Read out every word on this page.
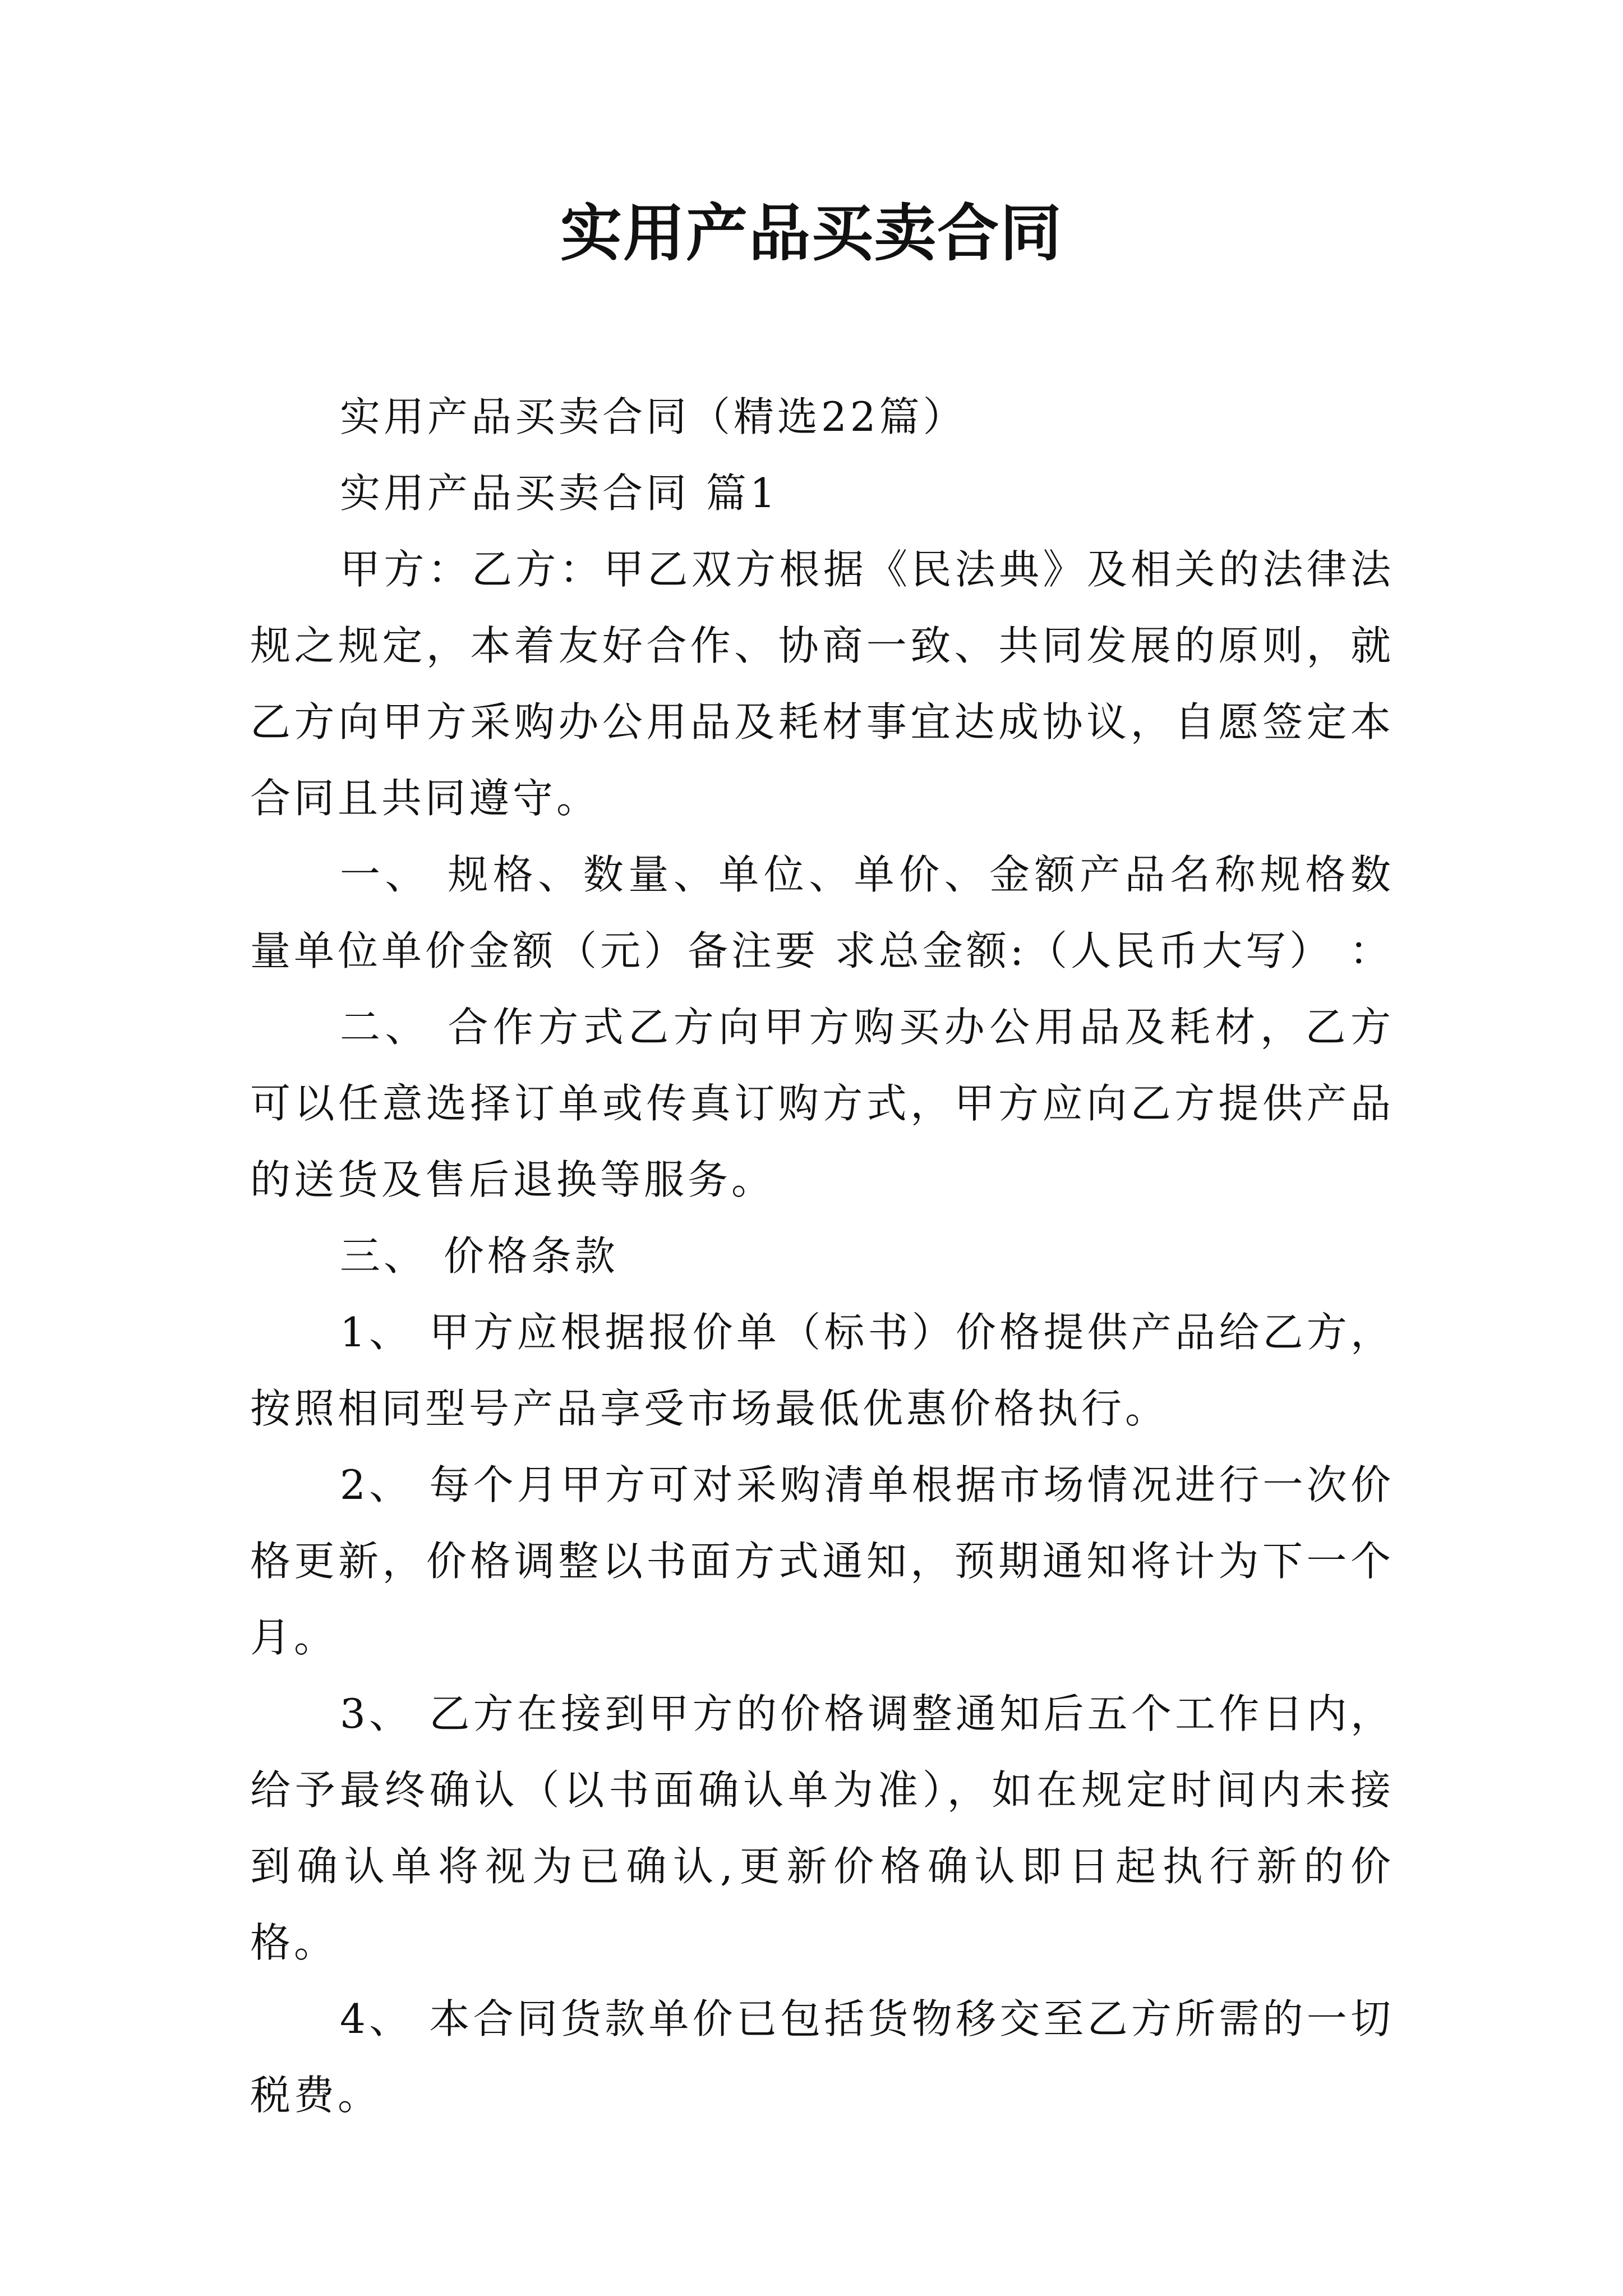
实用产品买卖合同

实用产品买卖合同（精选22篇）

实用产品买卖合同 篇1

甲方：乙方：甲乙双方根据《民法典》及相关的法律法规之规定，本着友好合作、协商一致、共同发展的原则，就乙方向甲方采购办公用品及耗材事宜达成协议，自愿签定本合同且共同遵守。

一、 规格、数量、单位、单价、金额产品名称规格数量单位单价金额（元）备注要 求总金额:（人民币大写） ：

二、 合作方式乙方向甲方购买办公用品及耗材，乙方可以任意选择订单或传真订购方式，甲方应向乙方提供产品的送货及售后退换等服务。

三、 价格条款

1、 甲方应根据报价单（标书）价格提供产品给乙方，按照相同型号产品享受市场最低优惠价格执行。

2、 每个月甲方可对采购清单根据市场情况进行一次价格更新，价格调整以书面方式通知，预期通知将计为下一个月。

3、 乙方在接到甲方的价格调整通知后五个工作日内，给予最终确认（以书面确认单为准），如在规定时间内未接到确认单将视为已确认,更新价格确认即日起执行新的价格。

4、 本合同货款单价已包括货物移交至乙方所需的一切税费。
